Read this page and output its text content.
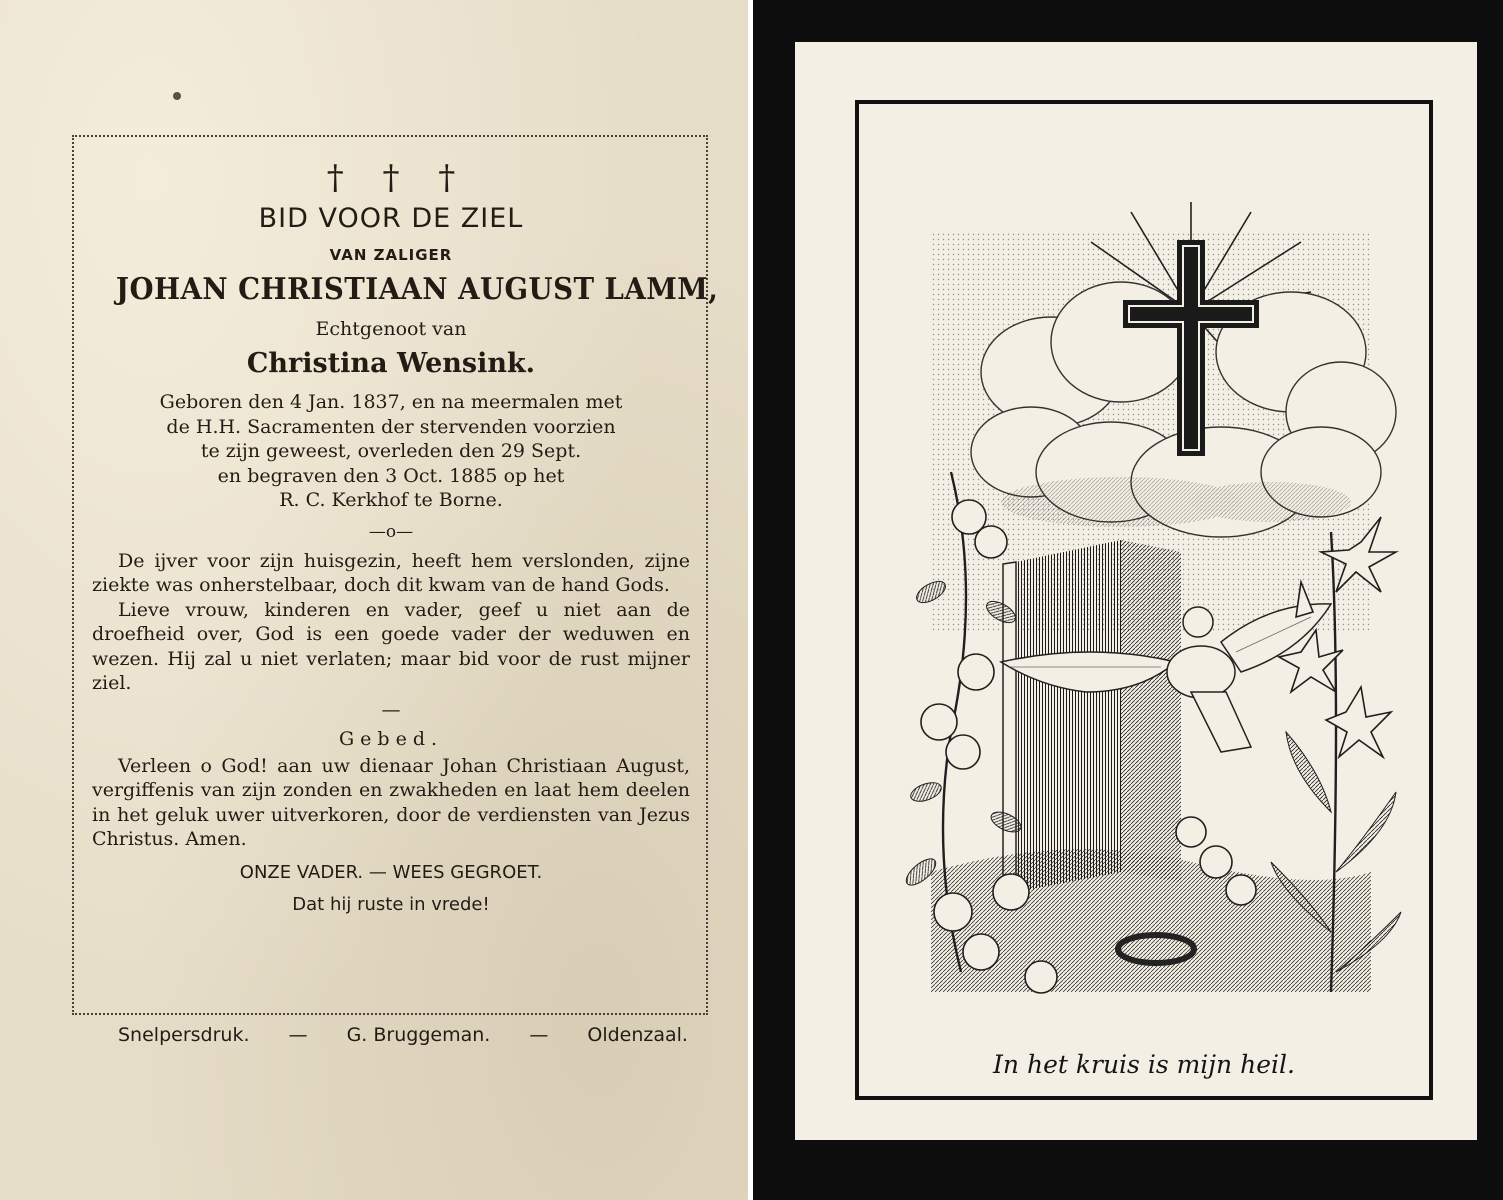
† † †
BID VOOR DE ZIEL
VAN ZALIGER
JOHAN CHRISTIAAN AUGUST LAMM,
Echtgenoot van
Christina Wensink.
Geboren den 4 Jan. 1837, en na meermalen met
de H.H. Sacramenten der stervenden voorzien
te zijn geweest, overleden den 29 Sept.
en begraven den 3 Oct. 1885 op het
R. C. Kerkhof te Borne.
—o—
De ijver voor zijn huisgezin, heeft hem verslonden, zijne ziekte was onherstelbaar, doch dit kwam van de hand Gods.
Lieve vrouw, kinderen en vader, geef u niet aan de droefheid over, God is een goede vader der weduwen en wezen. Hij zal u niet verlaten; maar bid voor de rust mijner ziel.
—
Gebed.
Verleen o God! aan uw dienaar Johan Christiaan August, vergiffenis van zijn zonden en zwakheden en laat hem deelen in het geluk uwer uitverkoren, door de verdiensten van Jezus Christus. Amen.
ONZE VADER. — WEES GEGROET.
Dat hij ruste in vrede!
Snelpersdruk. — G. Bruggeman. — Oldenzaal.
In het kruis is mijn heil.
